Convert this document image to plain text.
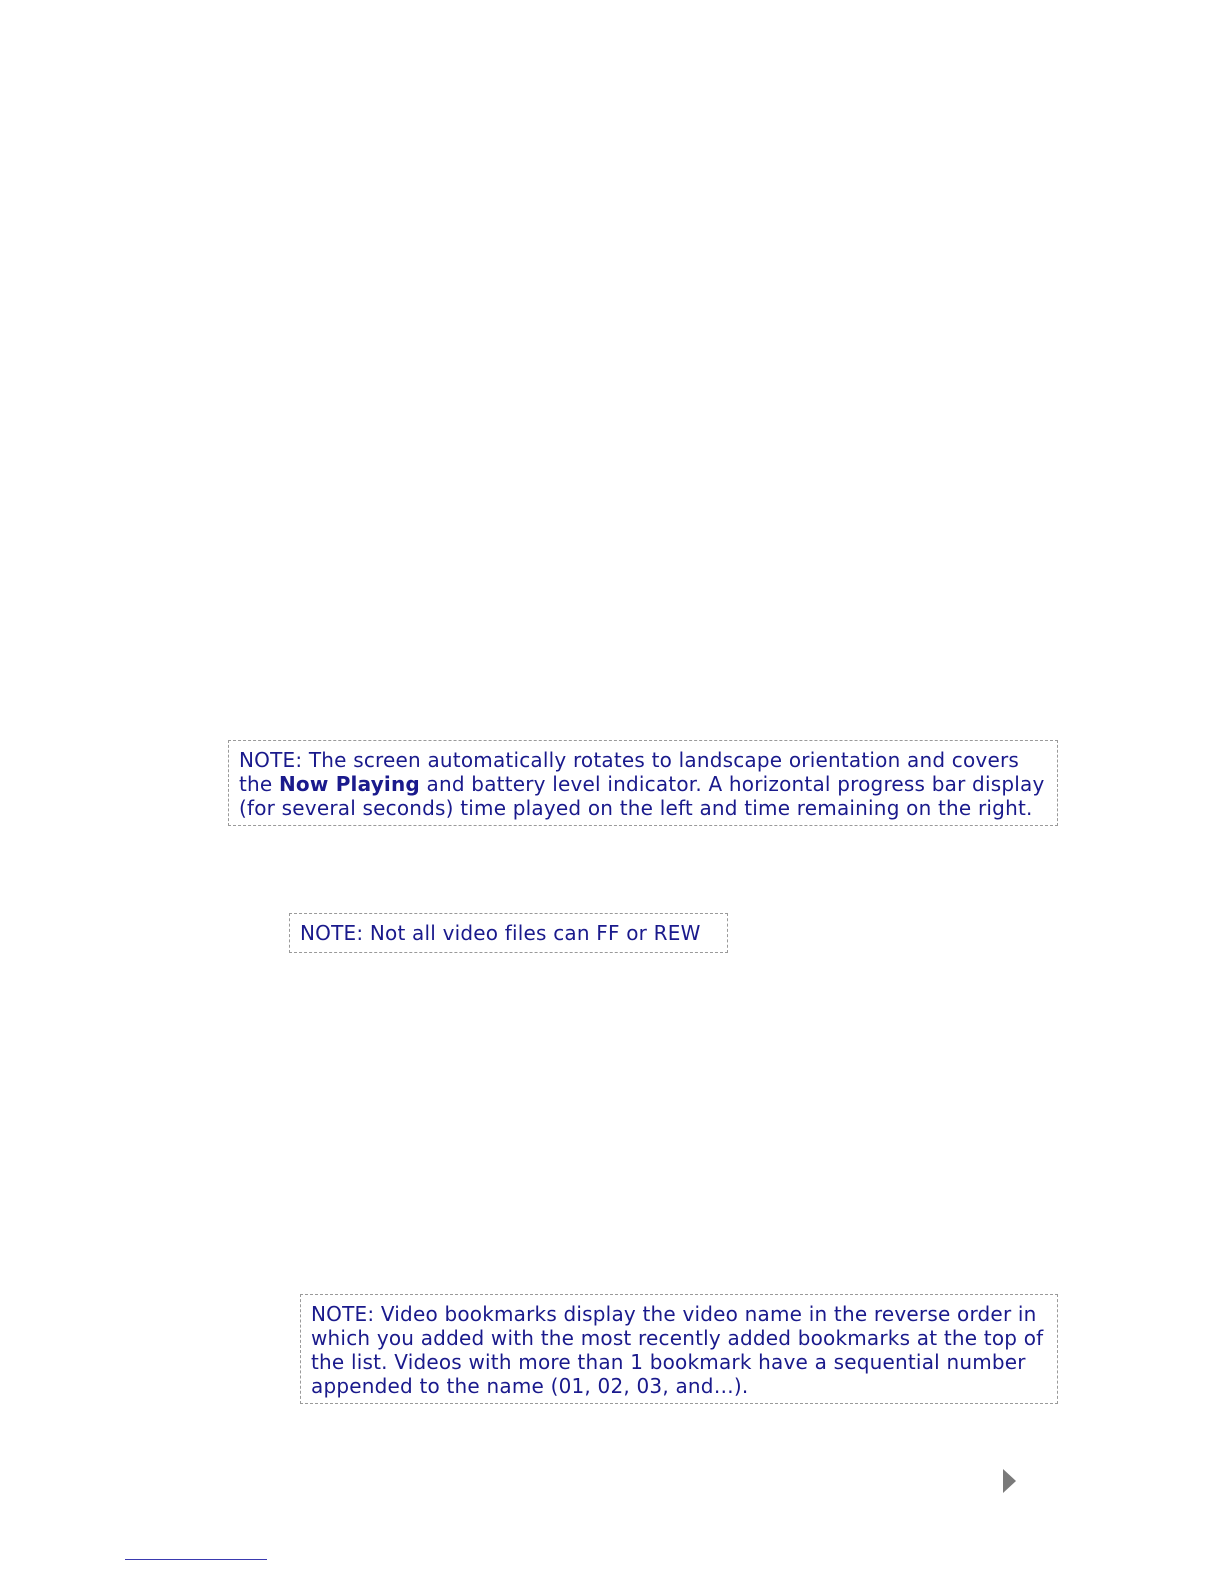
NOTE: The screen automatically rotates to landscape orientation and covers the Now Playing and battery level indicator. A horizontal progress bar display (for several seconds) time played on the left and time remaining on the right.
NOTE: Not all video files can FF or REW
NOTE: Video bookmarks display the video name in the reverse order in which you added with the most recently added bookmarks at the top of the list. Videos with more than 1 bookmark have a sequential number appended to the name (01, 02, 03, and…).
